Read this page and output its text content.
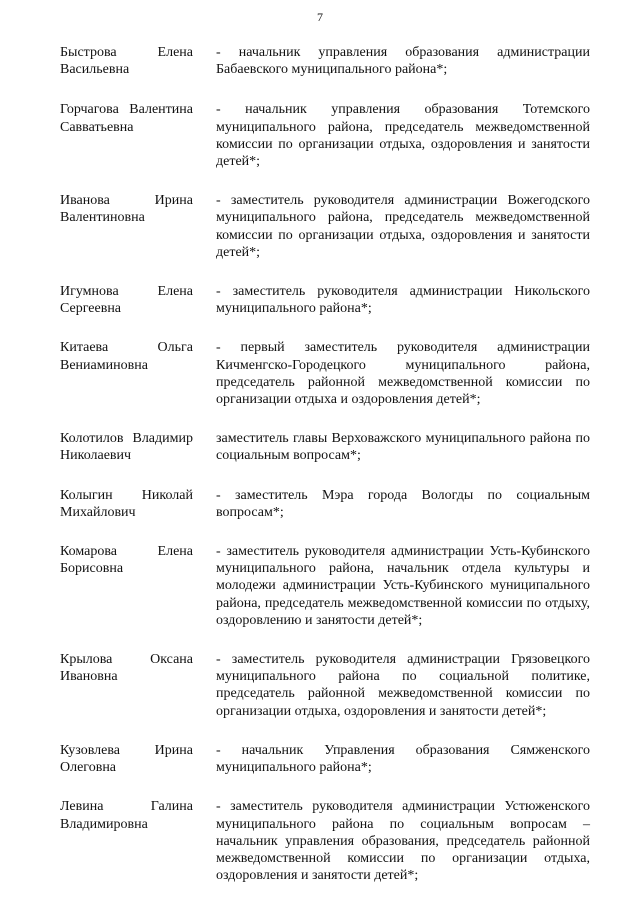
7
Быстрова Елена Васильевна
- начальник управления образования администрации Бабаевского муниципального района*;
Горчагова Валентина Савватьевна
- начальник управления образования Тотемского муниципального района, председатель межведомственной комиссии по организации отдыха, оздоровления и занятости детей*;
Иванова Ирина Валентиновна
- заместитель руководителя администрации Вожегодского муниципального района, председатель межведомственной комиссии по организации отдыха, оздоровления и занятости детей*;
Игумнова Елена Сергеевна
- заместитель руководителя администрации Никольского муниципального района*;
Китаева Ольга Вениаминовна
- первый заместитель руководителя администрации Кичменгско-Городецкого муниципального района, председатель районной межведомственной комиссии по организации отдыха и оздоровления детей*;
Колотилов Владимир Николаевич
заместитель главы Верховажского муниципального района по социальным вопросам*;
Колыгин Николай Михайлович
- заместитель Мэра города Вологды по социальным вопросам*;
Комарова Елена Борисовна
- заместитель руководителя администрации Усть-Кубинского муниципального района, начальник отдела культуры и молодежи администрации Усть-Кубинского муниципального района, председатель межведомственной комиссии по отдыху, оздоровлению и занятости детей*;
Крылова Оксана Ивановна
- заместитель руководителя администрации Грязовецкого муниципального района по социальной политике, председатель районной межведомственной комиссии по организации отдыха, оздоровления и занятости детей*;
Кузовлева Ирина Олеговна
- начальник Управления образования Сямженского муниципального района*;
Левина Галина Владимировна
- заместитель руководителя администрации Устюженского муниципального района по социальным вопросам – начальник управления образования, председатель районной межведомственной комиссии по организации отдыха, оздоровления и занятости детей*;
